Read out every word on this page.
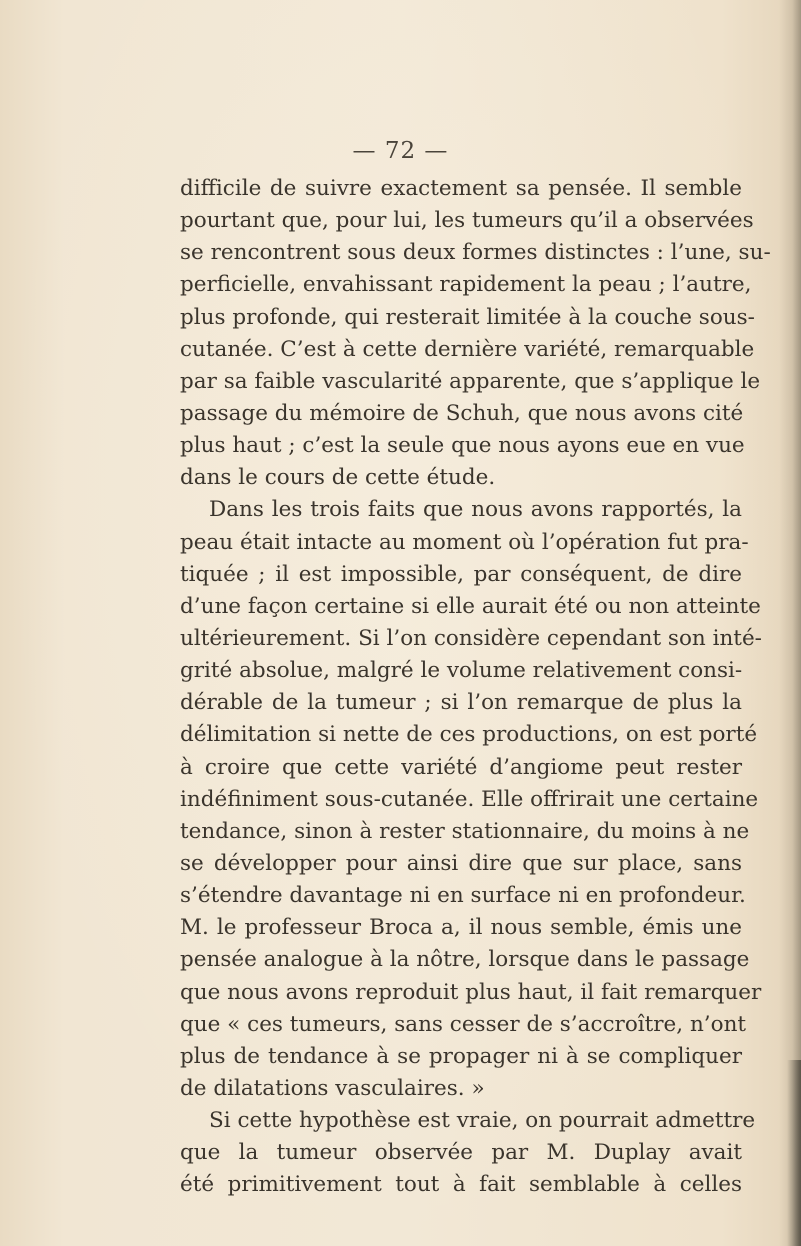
— 72 —
difficile de suivre exactement sa pensée. Il semble
pourtant que, pour lui, les tumeurs qu’il a observées
se rencontrent sous deux formes distinctes : l’une, su-
perficielle, envahissant rapidement la peau ; l’autre,
plus profonde, qui resterait limitée à la couche sous-
cutanée. C’est à cette dernière variété, remarquable
par sa faible vascularité apparente, que s’applique le
passage du mémoire de Schuh, que nous avons cité
plus haut ; c’est la seule que nous ayons eue en vue
dans le cours de cette étude.
Dans les trois faits que nous avons rapportés, la
peau était intacte au moment où l’opération fut pra-
tiquée ; il est impossible, par conséquent, de dire
d’une façon certaine si elle aurait été ou non atteinte
ultérieurement. Si l’on considère cependant son inté-
grité absolue, malgré le volume relativement consi-
dérable de la tumeur ; si l’on remarque de plus la
délimitation si nette de ces productions, on est porté
à croire que cette variété d’angiome peut rester
indéfiniment sous-cutanée. Elle offrirait une certaine
tendance, sinon à rester stationnaire, du moins à ne
se développer pour ainsi dire que sur place, sans
s’étendre davantage ni en surface ni en profondeur.
M. le professeur Broca a, il nous semble, émis une
pensée analogue à la nôtre, lorsque dans le passage
que nous avons reproduit plus haut, il fait remarquer
que « ces tumeurs, sans cesser de s’accroître, n’ont
plus de tendance à se propager ni à se compliquer
de dilatations vasculaires. »
Si cette hypothèse est vraie, on pourrait admettre
que la tumeur observée par M. Duplay avait
été primitivement tout à fait semblable à celles
